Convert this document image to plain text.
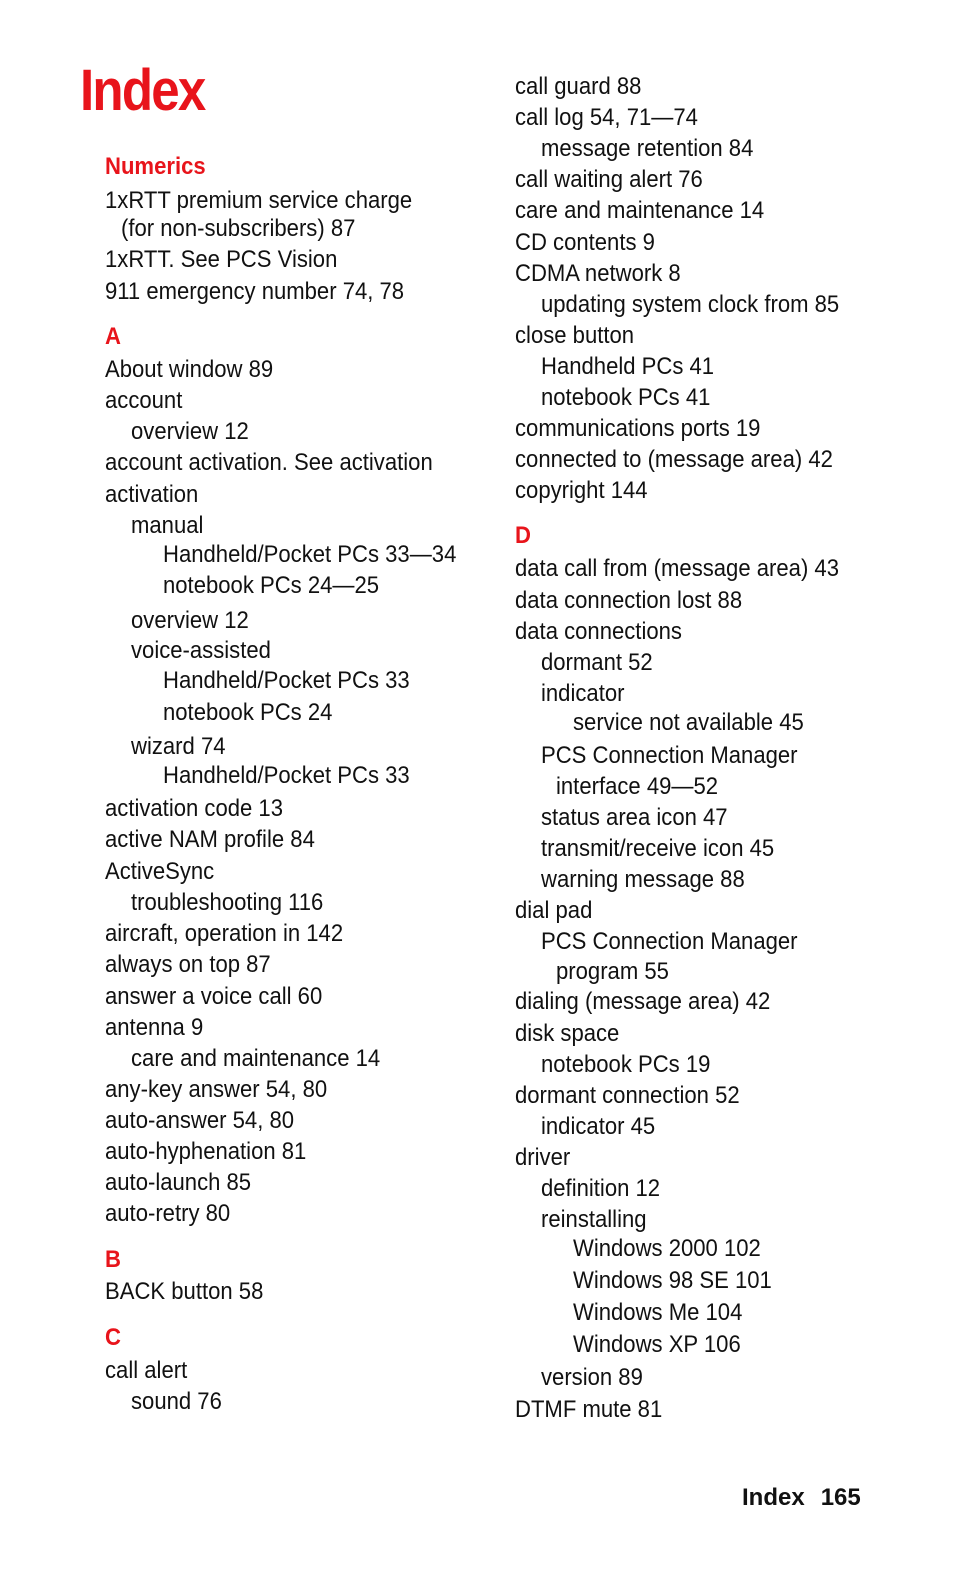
Index
Numerics
1xRTT premium service charge
(for non-subscribers) 87
1xRTT. See PCS Vision
911 emergency number 74, 78
A
About window 89
account
overview 12
account activation. See activation
activation
manual
Handheld/Pocket PCs 33—34
notebook PCs 24—25
overview 12
voice-assisted
Handheld/Pocket PCs 33
notebook PCs 24
wizard 74
Handheld/Pocket PCs 33
activation code 13
active NAM profile 84
ActiveSync
troubleshooting 116
aircraft, operation in 142
always on top 87
answer a voice call 60
antenna 9
care and maintenance 14
any-key answer 54, 80
auto-answer 54, 80
auto-hyphenation 81
auto-launch 85
auto-retry 80
B
BACK button 58
C
call alert
sound 76
call guard 88
call log 54, 71—74
message retention 84
call waiting alert 76
care and maintenance 14
CD contents 9
CDMA network 8
updating system clock from 85
close button
Handheld PCs 41
notebook PCs 41
communications ports 19
connected to (message area) 42
copyright 144
D
data call from (message area) 43
data connection lost 88
data connections
dormant 52
indicator
service not available 45
PCS Connection Manager
interface 49—52
status area icon 47
transmit/receive icon 45
warning message 88
dial pad
PCS Connection Manager
program 55
dialing (message area) 42
disk space
notebook PCs 19
dormant connection 52
indicator 45
driver
definition 12
reinstalling
Windows 2000 102
Windows 98 SE 101
Windows Me 104
Windows XP 106
version 89
DTMF mute 81
Index 165
